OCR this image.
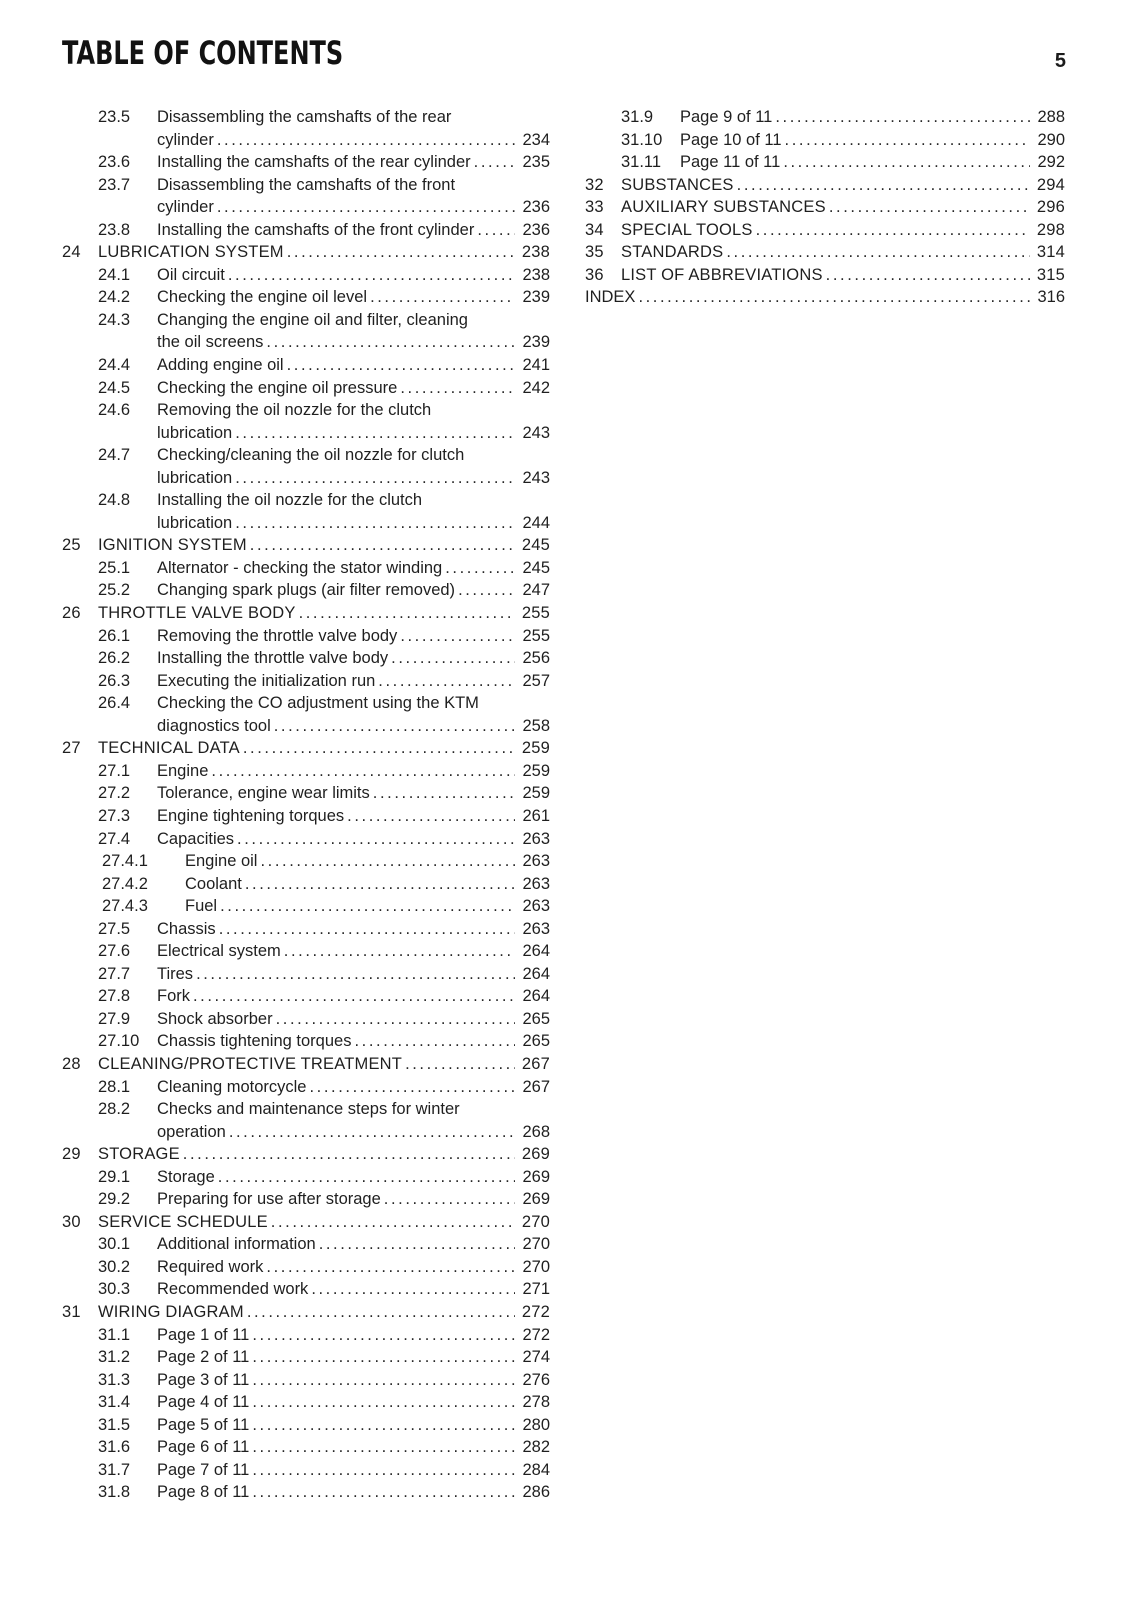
TABLE OF CONTENTS	5
23.5	Disassembling the camshafts of the rear
cylinder .....	234
23.6	Installing the camshafts of the rear cylinder .....	235
23.7	Disassembling the camshafts of the front
cylinder .....	236
23.8	Installing the camshafts of the front cylinder .....	236
24	LUBRICATION SYSTEM .....	238
24.1	Oil circuit .....	238
24.2	Checking the engine oil level .....	239
24.3	Changing the engine oil and filter, cleaning
the oil screens .....	239
24.4	Adding engine oil .....	241
24.5	Checking the engine oil pressure .....	242
24.6	Removing the oil nozzle for the clutch
lubrication .....	243
24.7	Checking/cleaning the oil nozzle for clutch
lubrication .....	243
24.8	Installing the oil nozzle for the clutch
lubrication .....	244
25	IGNITION SYSTEM .....	245
25.1	Alternator - checking the stator winding .....	245
25.2	Changing spark plugs (air filter removed) .....	247
26	THROTTLE VALVE BODY .....	255
26.1	Removing the throttle valve body .....	255
26.2	Installing the throttle valve body .....	256
26.3	Executing the initialization run .....	257
26.4	Checking the CO adjustment using the KTM
diagnostics tool .....	258
27	TECHNICAL DATA .....	259
27.1	Engine .....	259
27.2	Tolerance, engine wear limits .....	259
27.3	Engine tightening torques .....	261
27.4	Capacities .....	263
27.4.1	Engine oil .....	263
27.4.2	Coolant .....	263
27.4.3	Fuel .....	263
27.5	Chassis .....	263
27.6	Electrical system .....	264
27.7	Tires .....	264
27.8	Fork .....	264
27.9	Shock absorber .....	265
27.10	Chassis tightening torques .....	265
28	CLEANING/PROTECTIVE TREATMENT .....	267
28.1	Cleaning motorcycle .....	267
28.2	Checks and maintenance steps for winter
operation .....	268
29	STORAGE .....	269
29.1	Storage .....	269
29.2	Preparing for use after storage .....	269
30	SERVICE SCHEDULE .....	270
30.1	Additional information .....	270
30.2	Required work .....	270
30.3	Recommended work .....	271
31	WIRING DIAGRAM .....	272
31.1	Page 1 of 11 .....	272
31.2	Page 2 of 11 .....	274
31.3	Page 3 of 11 .....	276
31.4	Page 4 of 11 .....	278
31.5	Page 5 of 11 .....	280
31.6	Page 6 of 11 .....	282
31.7	Page 7 of 11 .....	284
31.8	Page 8 of 11 .....	286
31.9	Page 9 of 11 .....	288
31.10	Page 10 of 11 .....	290
31.11	Page 11 of 11 .....	292
32	SUBSTANCES .....	294
33	AUXILIARY SUBSTANCES .....	296
34	SPECIAL TOOLS .....	298
35	STANDARDS .....	314
36	LIST OF ABBREVIATIONS .....	315
INDEX .....	316
